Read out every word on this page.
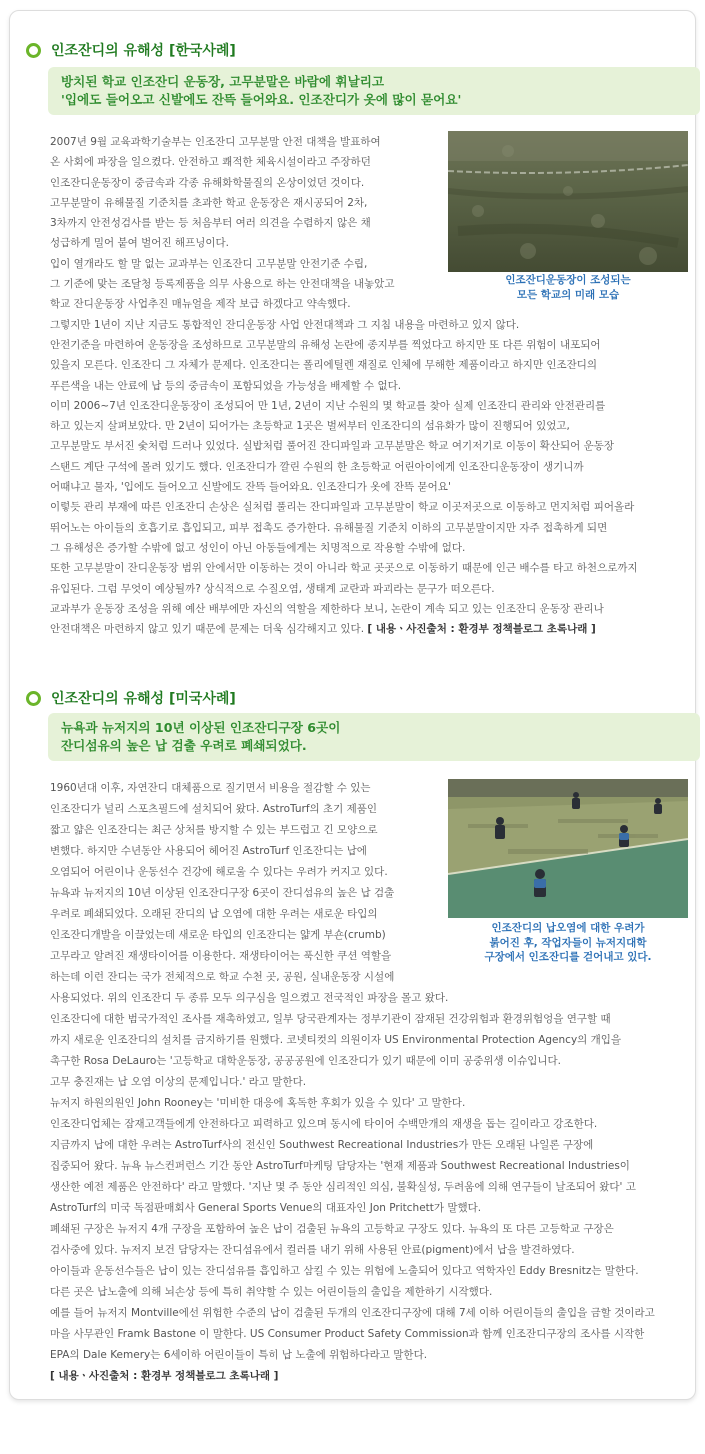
인조잔디의 유해성 [한국사례]
방치된 학교 인조잔디 운동장, 고무분말은 바람에 휘날리고
'입에도 들어오고 신발에도 잔뜩 들어와요. 인조잔디가 옷에 많이 묻어요'
인조잔디운동장이 조성되는
모든 학교의 미래 모습
2007년 9월 교육과학기술부는 인조잔디 고무분말 안전 대책을 발표하여
온 사회에 파장을 일으켰다. 안전하고 쾌적한 체육시설이라고 주장하던
인조잔디운동장이 중금속과 각종 유해화학물질의 온상이었던 것이다.
고무분말이 유해물질 기준치를 초과한 학교 운동장은 재시공되어 2차,
3차까지 안전성검사를 받는 등 처음부터 여러 의견을 수렴하지 않은 채
성급하게 밀어 붙여 벌어진 해프닝이다.
입이 열개라도 할 말 없는 교과부는 인조잔디 고무분말 안전기준 수립,
그 기준에 맞는 조달청 등록제품을 의무 사용으로 하는 안전대책을 내놓았고
학교 잔디운동장 사업추진 매뉴얼을 제작 보급 하겠다고 약속했다.
그렇지만 1년이 지난 지금도 통합적인 잔디운동장 사업 안전대책과 그 지침 내용을 마련하고 있지 않다.
안전기준을 마련하여 운동장을 조성하므로 고무분말의 유해성 논란에 종지부를 찍었다고 하지만 또 다른 위험이 내포되어
있을지 모른다. 인조잔디 그 자체가 문제다. 인조잔디는 폴리에틸렌 재질로 인체에 무해한 제품이라고 하지만 인조잔디의
푸른색을 내는 안료에 납 등의 중금속이 포함되었을 가능성을 배제할 수 없다.
이미 2006~7년 인조잔디운동장이 조성되어 만 1년, 2년이 지난 수원의 몇 학교를 찾아 실제 인조잔디 관리와 안전관리를
하고 있는지 살펴보았다. 만 2년이 되어가는 초등학교 1곳은 벌써부터 인조잔디의 섬유화가 많이 진행되어 있었고,
고무분말도 부서진 숯처럼 드러나 있었다. 실밥처럼 풀어진 잔디파일과 고무분말은 학교 여기저기로 이동이 확산되어 운동장
스탠드 계단 구석에 몰려 있기도 했다. 인조잔디가 깔린 수원의 한 초등학교 어린아이에게 인조잔디운동장이 생기니까
어때냐고 물자, '입에도 들어오고 신발에도 잔뜩 들어와요. 인조잔디가 옷에 잔뜩 묻어요'
이렇듯 관리 부재에 따른 인조잔디 손상은 실처럼 풀리는 잔디파일과 고무분말이 학교 이곳저곳으로 이동하고 먼지처럼 피어올라
뛰어노는 아이들의 호흡기로 흡입되고, 피부 접촉도 증가한다. 유해물질 기준치 이하의 고무분말이지만 자주 접촉하게 되면
그 유해성은 증가할 수밖에 없고 성인이 아닌 아동들에게는 치명적으로 작용할 수밖에 없다.
또한 고무분말이 잔디운동장 범위 안에서만 이동하는 것이 아니라 학교 곳곳으로 이동하기 때문에 인근 배수를 타고 하천으로까지
유입된다. 그럼 무엇이 예상될까? 상식적으로 수질오염, 생태계 교란과 파괴라는 문구가 떠오른다.
교과부가 운동장 조성을 위해 예산 배부에만 자신의 역할을 제한하다 보니, 논란이 계속 되고 있는 인조잔디 운동장 관리나
안전대책은 마련하지 않고 있기 때문에 문제는 더욱 심각해지고 있다. [ 내용ㆍ사진출처 : 환경부 정책블로그 초록나래 ]
인조잔디의 유해성 [미국사례]
뉴욕과 뉴저지의 10년 이상된 인조잔디구장 6곳이
잔디섬유의 높은 납 검출 우려로 폐쇄되었다.
인조잔디의 납오염에 대한 우려가
붉어진 후, 작업자들이 뉴저지대학
구장에서 인조잔디를 걷어내고 있다.
1960년대 이후, 자연잔디 대체품으로 질기면서 비용을 절감할 수 있는
인조잔디가 널리 스포츠필드에 설치되어 왔다. AstroTurf의 초기 제품인
짧고 얇은 인조잔디는 최근 상처를 방지할 수 있는 부드럽고 긴 모양으로
변했다. 하지만 수년동안 사용되어 헤어진 AstroTurf 인조잔디는 납에
오염되어 어린이나 운동선수 건강에 해로울 수 있다는 우려가 커지고 있다.
뉴욕과 뉴저지의 10년 이상된 인조잔디구장 6곳이 잔디섬유의 높은 납 검출
우려로 폐쇄되었다. 오래된 잔디의 납 오염에 대한 우려는 새로운 타입의
인조잔디개발을 이끌었는데 새로운 타입의 인조잔디는 얇게 부숀(crumb)
고무라고 알려진 재생타이어를 이용한다. 재생타이어는 푹신한 쿠션 역할을
하는데 이런 잔디는 국가 전체적으로 학교 수천 곳, 공원, 실내운동장 시설에
사용되었다. 위의 인조잔디 두 종류 모두 의구심을 일으켰고 전국적인 파장을 몰고 왔다.
인조잔디에 대한 범국가적인 조사를 재촉하였고, 일부 당국관계자는 정부기관이 잠재된 건강위험과 환경위험엉을 연구할 때
까지 새로운 인조잔디의 설치를 금지하기를 원했다. 코넷티컷의 의원이자 US Environmental Protection Agency의 개입을
촉구한 Rosa DeLauro는 '고등학교 대학운동장, 공공공원에 인조잔디가 있기 때문에 이미 공중위생 이슈입니다.
고무 충진재는 납 오염 이상의 문제입니다.' 라고 말한다.
뉴저지 하원의원인 John Rooney는 '미비한 대응에 혹독한 후회가 있을 수 있다' 고 말한다.
인조잔디업체는 잠재고객들에게 안전하다고 피력하고 있으며 동시에 타이어 수백만개의 재생을 돕는 길이라고 강조한다.
지금까지 납에 대한 우려는 AstroTurf사의 전신인 Southwest Recreational Industries가 만든 오래된 나일론 구장에
집중되어 왔다. 뉴욕 뉴스컨퍼런스 기간 동안 AstroTurf마케팅 담당자는 '현재 제품과 Southwest Recreational Industries이
생산한 예전 제품은 안전하다' 라고 말했다. '지난 몇 주 동안 심리적인 의심, 불확실성, 두려움에 의해 연구들이 날조되어 왔다' 고
AstroTurf의 미국 독점판매회사 General Sports Venue의 대표자인 Jon Pritchett가 말했다.
폐쇄된 구장은 뉴저지 4개 구장을 포함하여 높은 납이 검출된 뉴욕의 고등학교 구장도 있다. 뉴욕의 또 다른 고등학교 구장은
검사중에 있다. 뉴저지 보건 담당자는 잔디섬유에서 컬러를 내기 위해 사용된 안료(pigment)에서 납을 발견하였다.
아이들과 운동선수들은 납이 있는 잔디섬유를 흡입하고 삼킬 수 있는 위험에 노출되어 있다고 역학자인 Eddy Bresnitz는 말한다.
다른 곳은 납노출에 의해 뇌손상 등에 특히 취약할 수 있는 어린이들의 출입을 제한하기 시작했다.
예를 들어 뉴저지 Montville에선 위험한 수준의 납이 검출된 두개의 인조잔디구장에 대해 7세 이하 어린이들의 출입을 금할 것이라고
마을 사무관인 Framk Bastone 이 말한다. US Consumer Product Safety Commission과 함께 인조잔디구장의 조사를 시작한
EPA의 Dale Kemery는 6세이하 어린이들이 특히 납 노출에 위험하다라고 말한다.
[ 내용ㆍ사진출처 : 환경부 정책블로그 초록나래 ]
